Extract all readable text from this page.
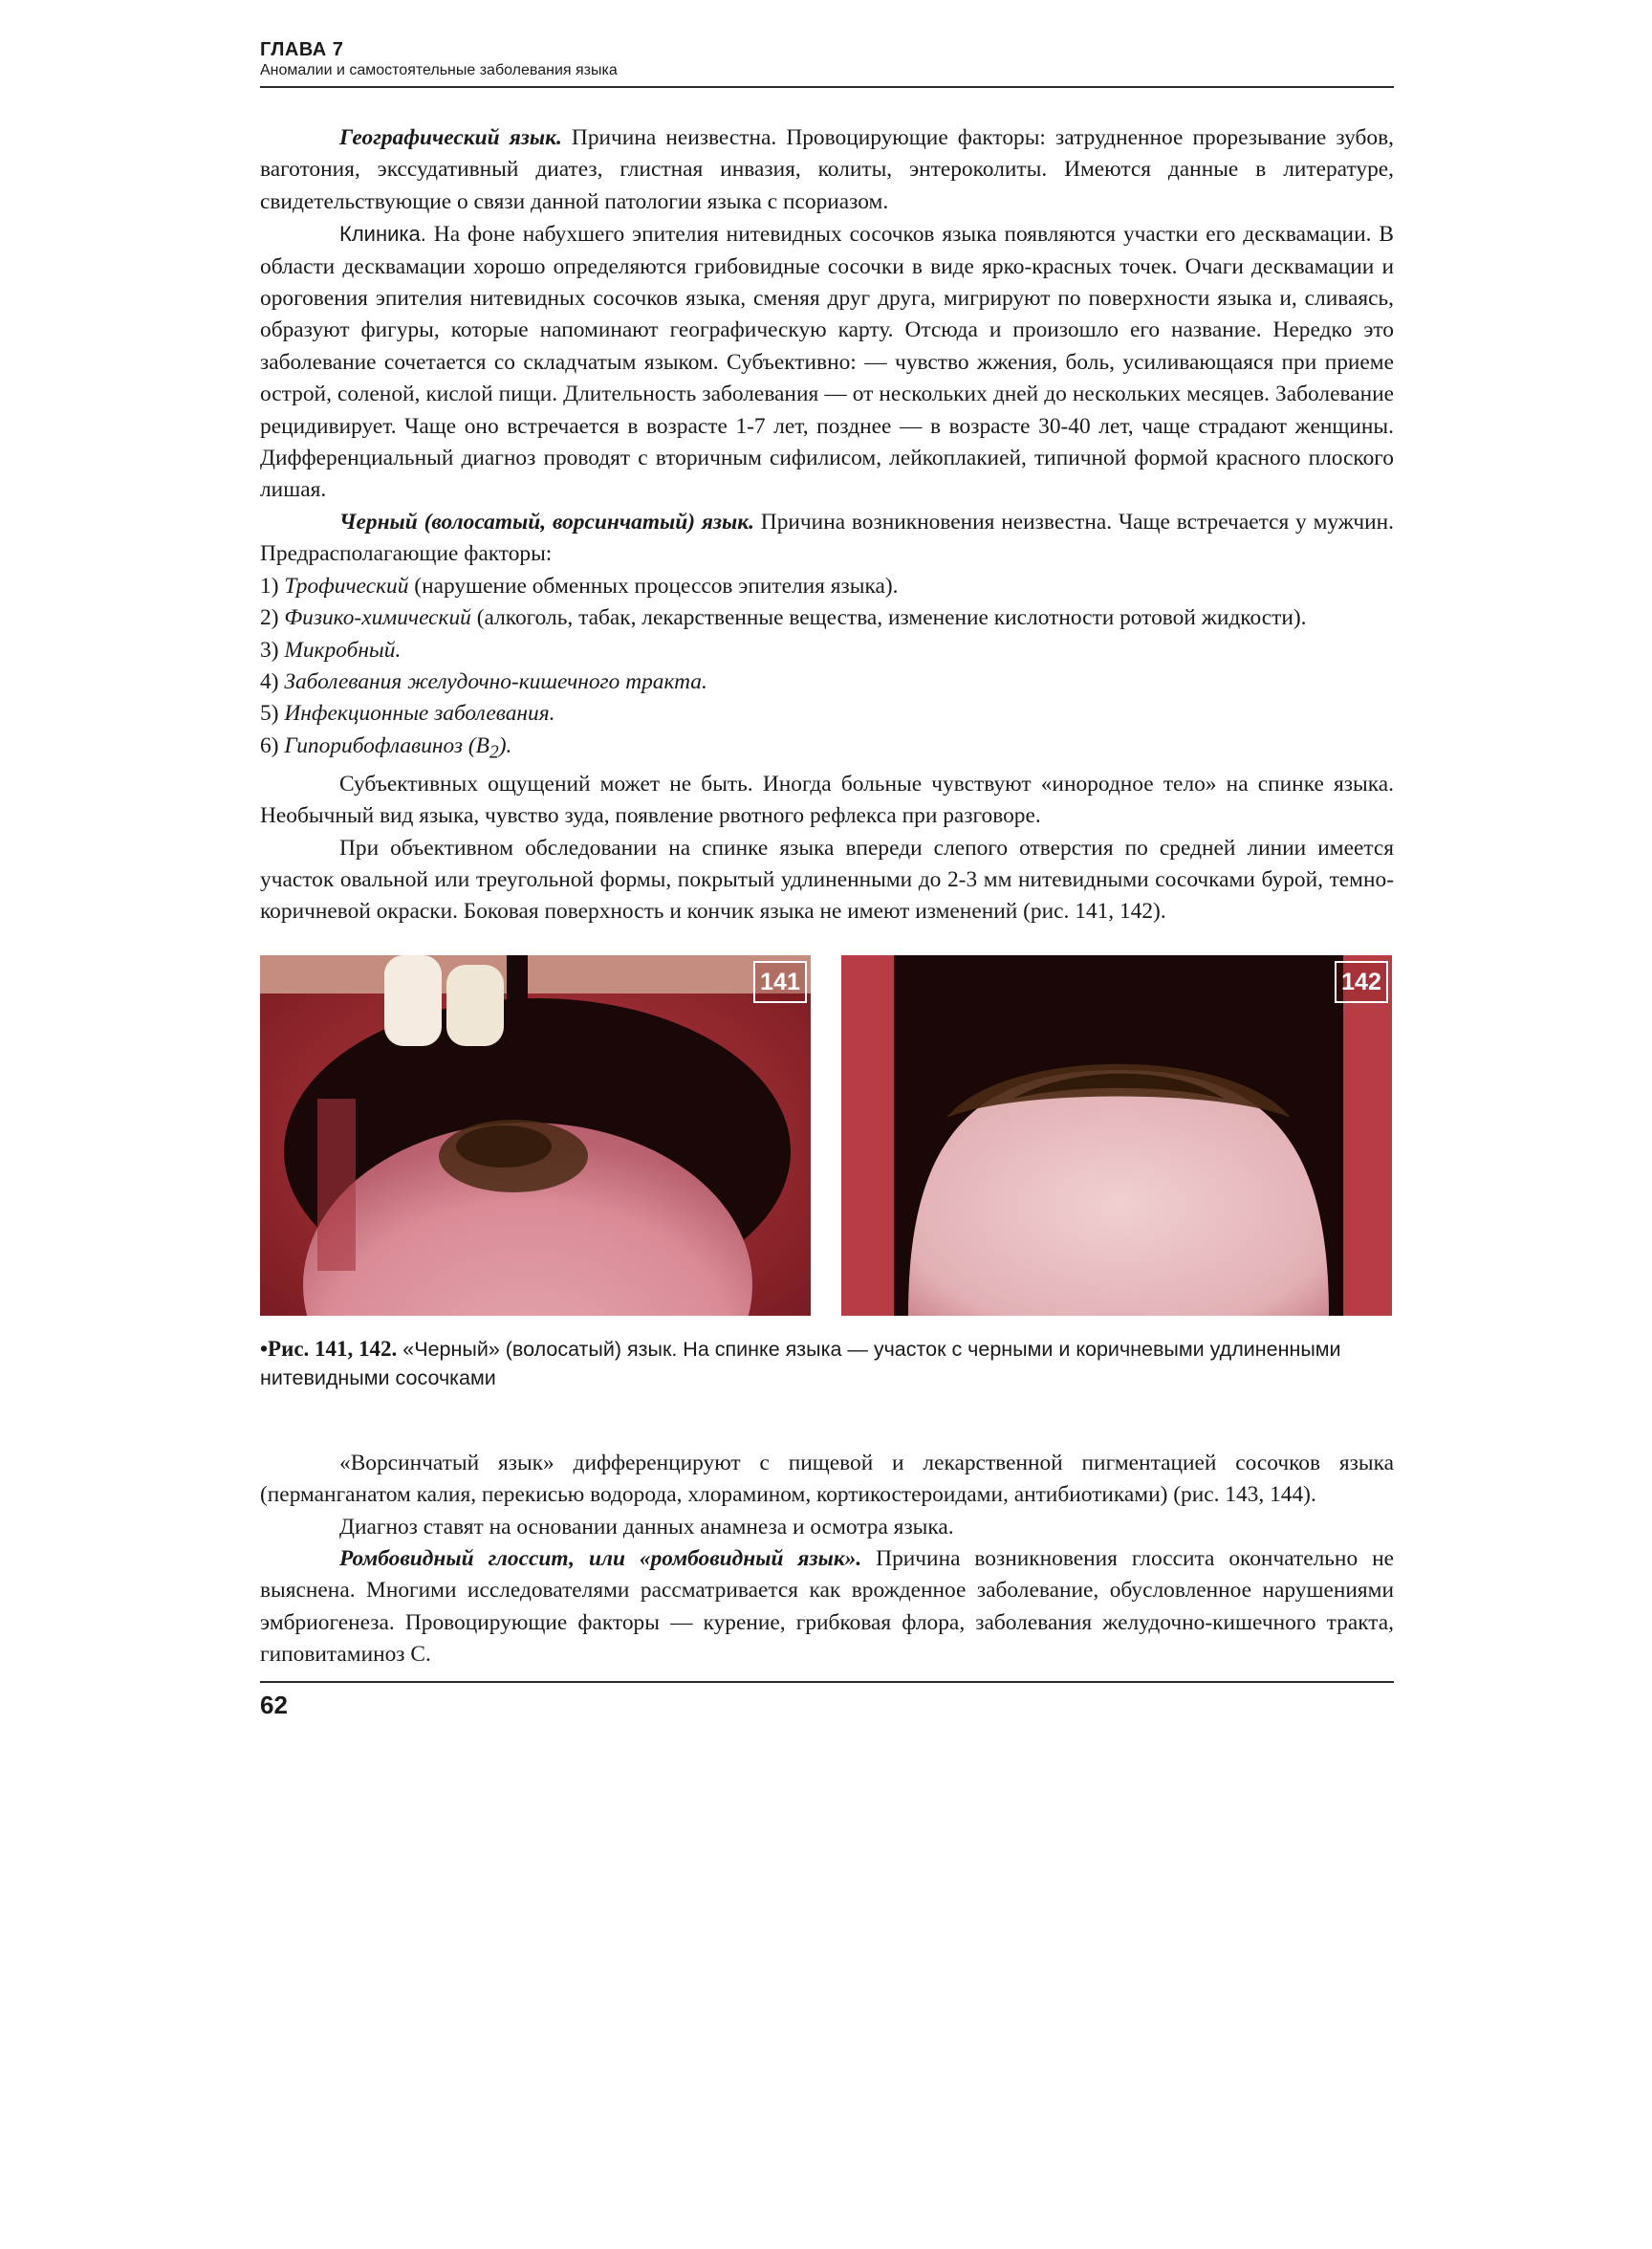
ГЛАВА 7
Аномалии и самостоятельные заболевания языка

Географический язык. Причина неизвестна. Провоцирующие факторы: затрудненное прорезывание зубов, ваготония, экссудативный диатез, глистная инвазия, колиты, энтероколиты. Имеются данные в литературе, свидетельствующие о связи данной патологии языка с псориазом.

Клиника. На фоне набухшего эпителия нитевидных сосочков языка появляются участки его десквамации. В области десквамации хорошо определяются грибовидные сосочки в виде ярко-красных точек. Очаги десквамации и ороговения эпителия нитевидных сосочков языка, сменяя друг друга, мигрируют по поверхности языка и, сливаясь, образуют фигуры, которые напоминают географическую карту. Отсюда и произошло его название. Нередко это заболевание сочетается со складчатым языком. Субъективно: — чувство жжения, боль, усиливающаяся при приеме острой, соленой, кислой пищи. Длительность заболевания — от нескольких дней до нескольких месяцев. Заболевание рецидивирует. Чаще оно встречается в возрасте 1-7 лет, позднее — в возрасте 30-40 лет, чаще страдают женщины. Дифференциальный диагноз проводят с вторичным сифилисом, лейкоплакией, типичной формой красного плоского лишая.

Черный (волосатый, ворсинчатый) язык. Причина возникновения неизвестна. Чаще встречается у мужчин. Предрасполагающие факторы:

1) Трофический (нарушение обменных процессов эпителия языка).

2) Физико-химический (алкоголь, табак, лекарственные вещества, изменение кислотности ротовой жидкости).

3) Микробный.

4) Заболевания желудочно-кишечного тракта.

5) Инфекционные заболевания.

6) Гипорибофлавиноз $(B_2)$.

Субъективных ощущений может не быть. Иногда больные чувствуют «инородное тело» на спинке языка. Необычный вид языка, чувство зуда, появление рвотного рефлекса при разговоре.

При объективном обследовании на спинке языка впереди слепого отверстия по средней линии имеется участок овальной или треугольной формы, покрытый удлиненными до 2-3 мм нитевидными сосочками бурой, темно-коричневой окраски. Боковая поверхность и кончик языка не имеют изменений (рис. 141, 142).

141	142
•Рис. 141, 142. «Черный» (волосатый) язык. На спинке языка — участок с черными и коричневыми удлиненными нитевидными сосочками

«Ворсинчатый язык» дифференцируют с пищевой и лекарственной пигментацией сосочков языка (перманганатом калия, перекисью водорода, хлорамином, кортикостероидами, антибиотиками) (рис. 143, 144).

Диагноз ставят на основании данных анамнеза и осмотра языка.

Ромбовидный глоссит, или «ромбовидный язык». Причина возникновения глоссита окончательно не выяснена. Многими исследователями рассматривается как врожденное заболевание, обусловленное нарушениями эмбриогенеза. Провоцирующие факторы — курение, грибковая флора, заболевания желудочно-кишечного тракта, гиповитаминоз С.

62
